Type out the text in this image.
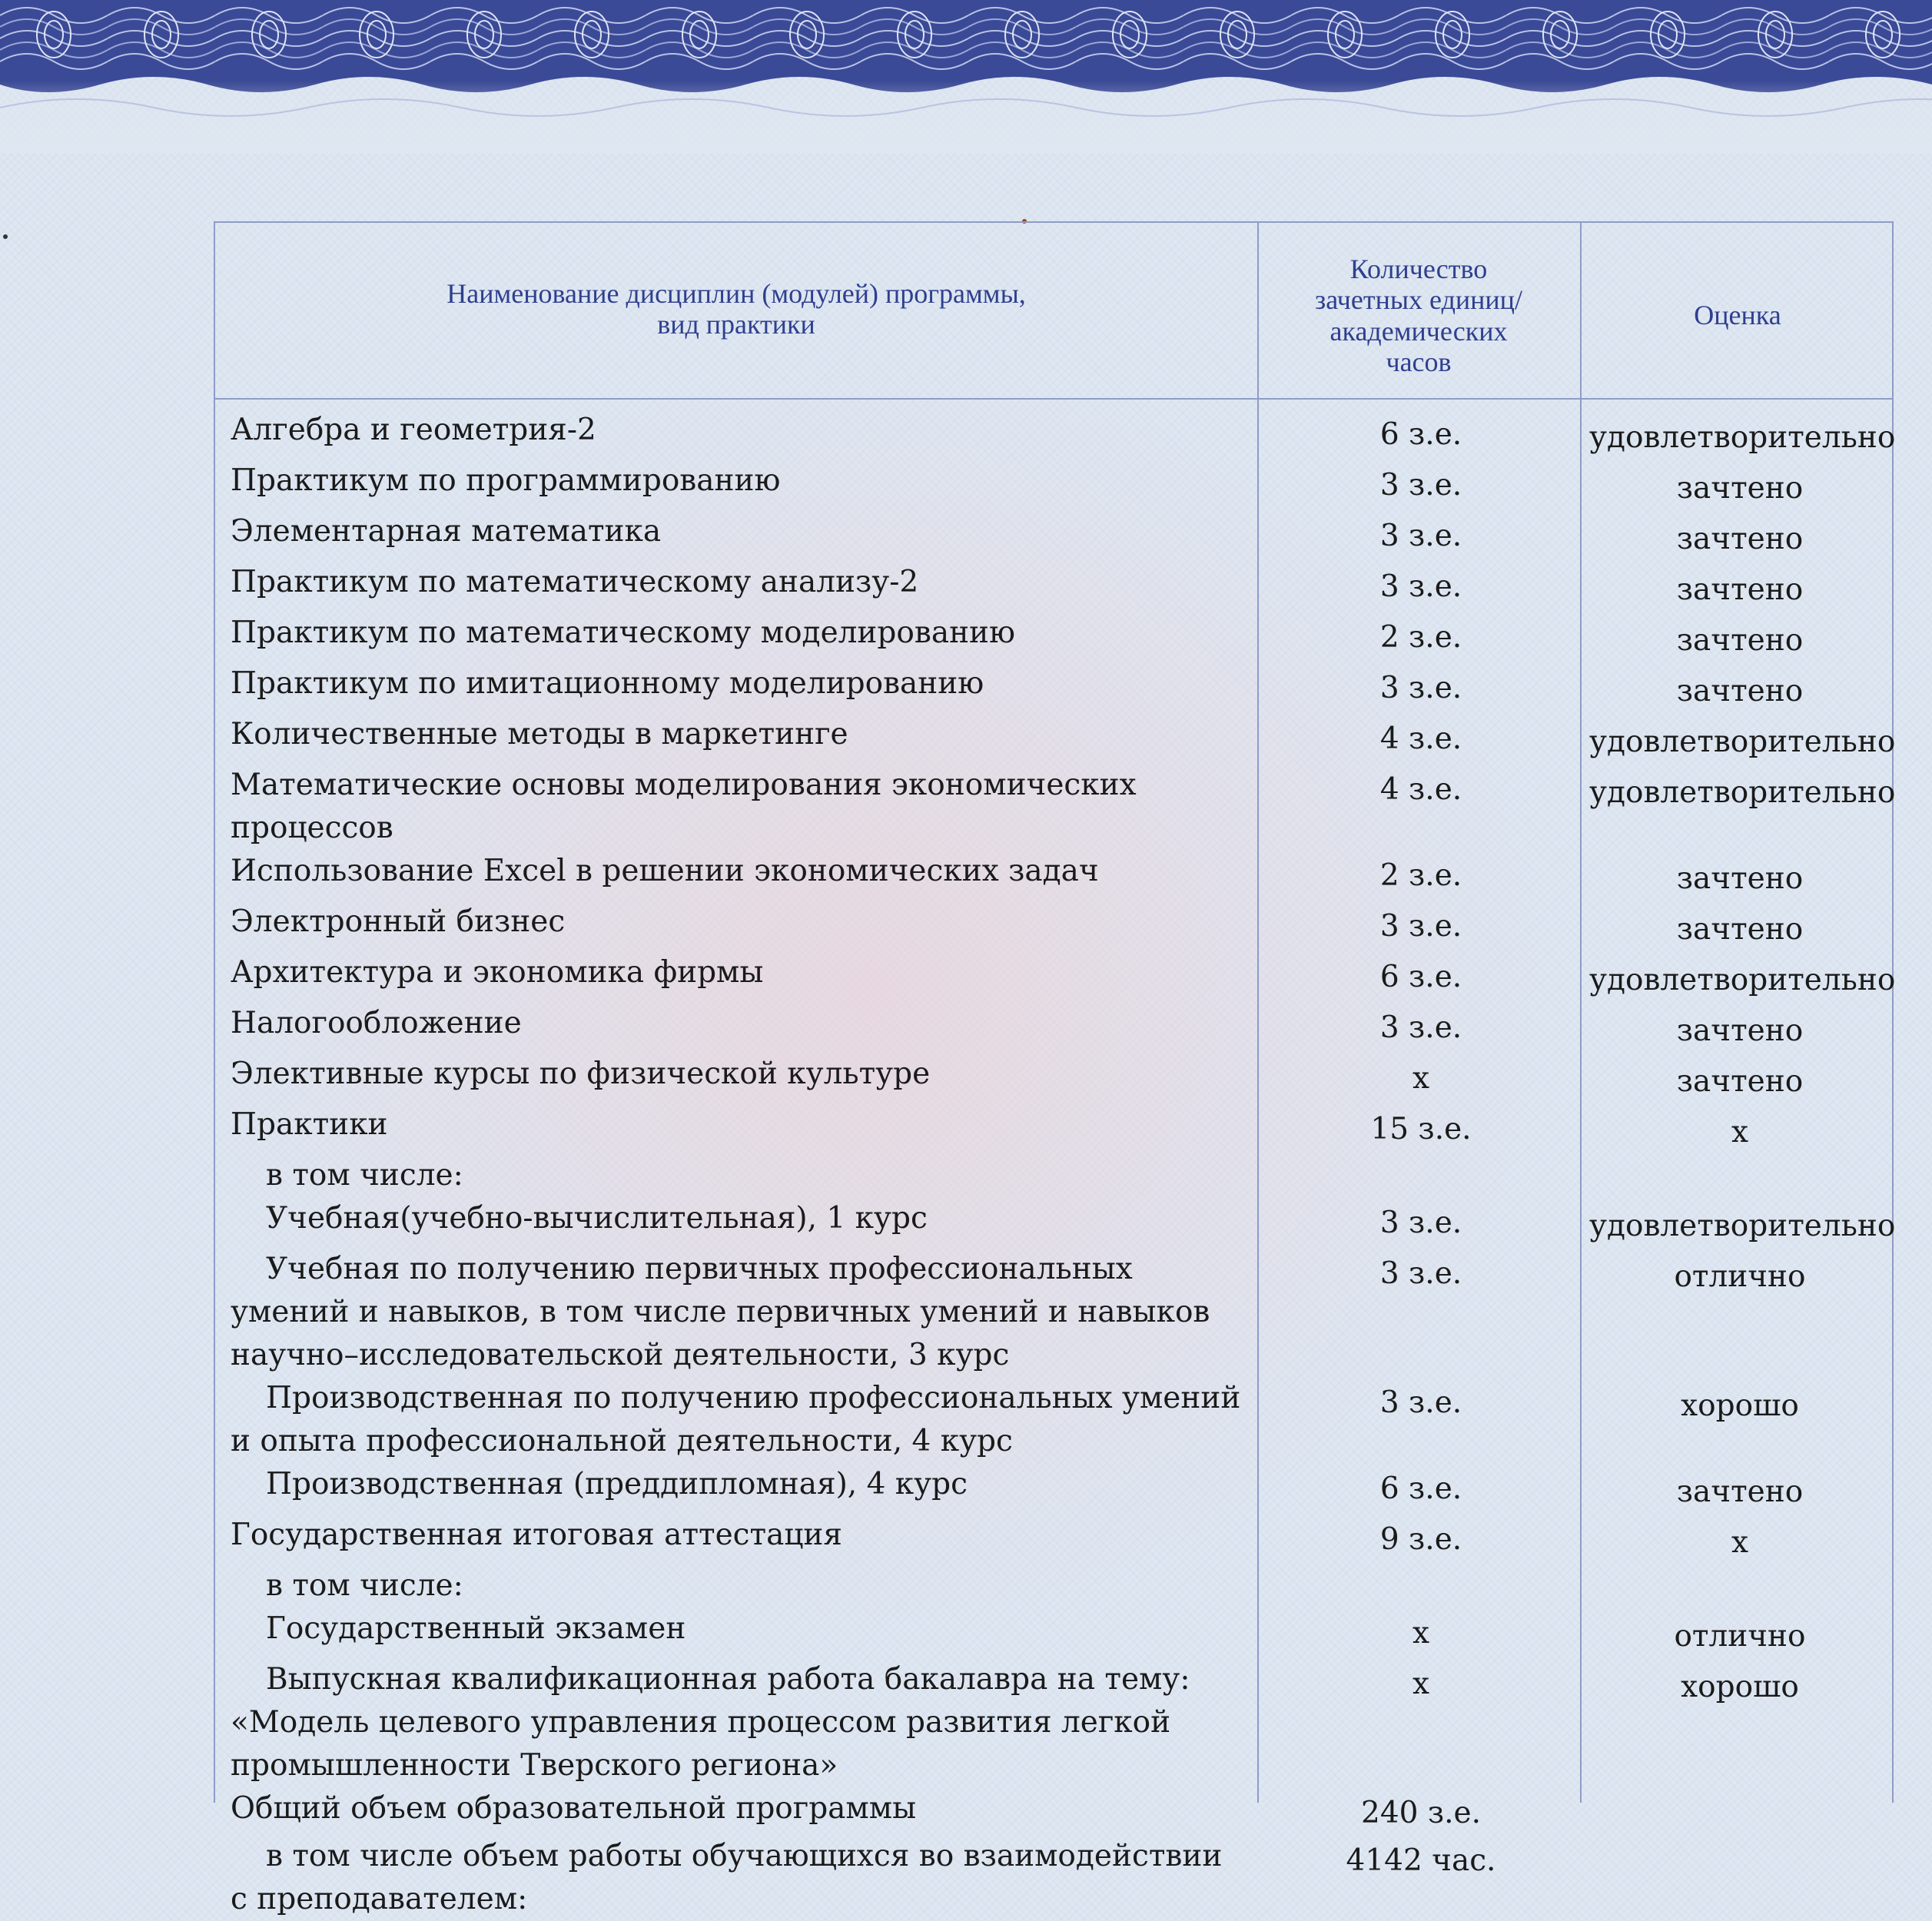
Наименование дисциплин (модулей) программы,
вид практики
Количество
зачетных единиц/
академических
часов
Оценка
Алгебра и геометрия-2	6 з.е.	удовлетворительно
Практикум по программированию	3 з.е.	зачтено
Элементарная математика	3 з.е.	зачтено
Практикум по математическому анализу-2	3 з.е.	зачтено
Практикум по математическому моделированию	2 з.е.	зачтено
Практикум по имитационному моделированию	3 з.е.	зачтено
Количественные методы в маркетинге	4 з.е.	удовлетворительно
Математические основы моделирования экономических
процессов
4 з.е.	удовлетворительно
Использование Excel в решении экономических задач	2 з.е.	зачтено
Электронный бизнес	3 з.е.	зачтено
Архитектура и экономика фирмы	6 з.е.	удовлетворительно
Налогообложение	3 з.е.	зачтено
Элективные курсы по физической культуре	х	зачтено
Практики	15 з.е.	х
в том числе:
Учебная(учебно-вычислительная), 1 курс	3 з.е.	удовлетворительно
Учебная по получению первичных профессиональных
умений и навыков, в том числе первичных умений и навыков
научно–исследовательской деятельности, 3 курс
3 з.е.	отлично
Производственная по получению профессиональных умений
и опыта профессиональной деятельности, 4 курс
3 з.е.	хорошо
Производственная (преддипломная), 4 курс	6 з.е.	зачтено
Государственная итоговая аттестация	9 з.е.	х
в том числе:
Государственный экзамен	х	отлично
Выпускная квалификационная работа бакалавра на тему:
«Модель целевого управления процессом развития легкой
промышленности Тверского региона»
х	хорошо
Общий объем образовательной программы	240 з.е.
в том числе объем работы обучающихся во взаимодействии
с преподавателем:
4142 час.
